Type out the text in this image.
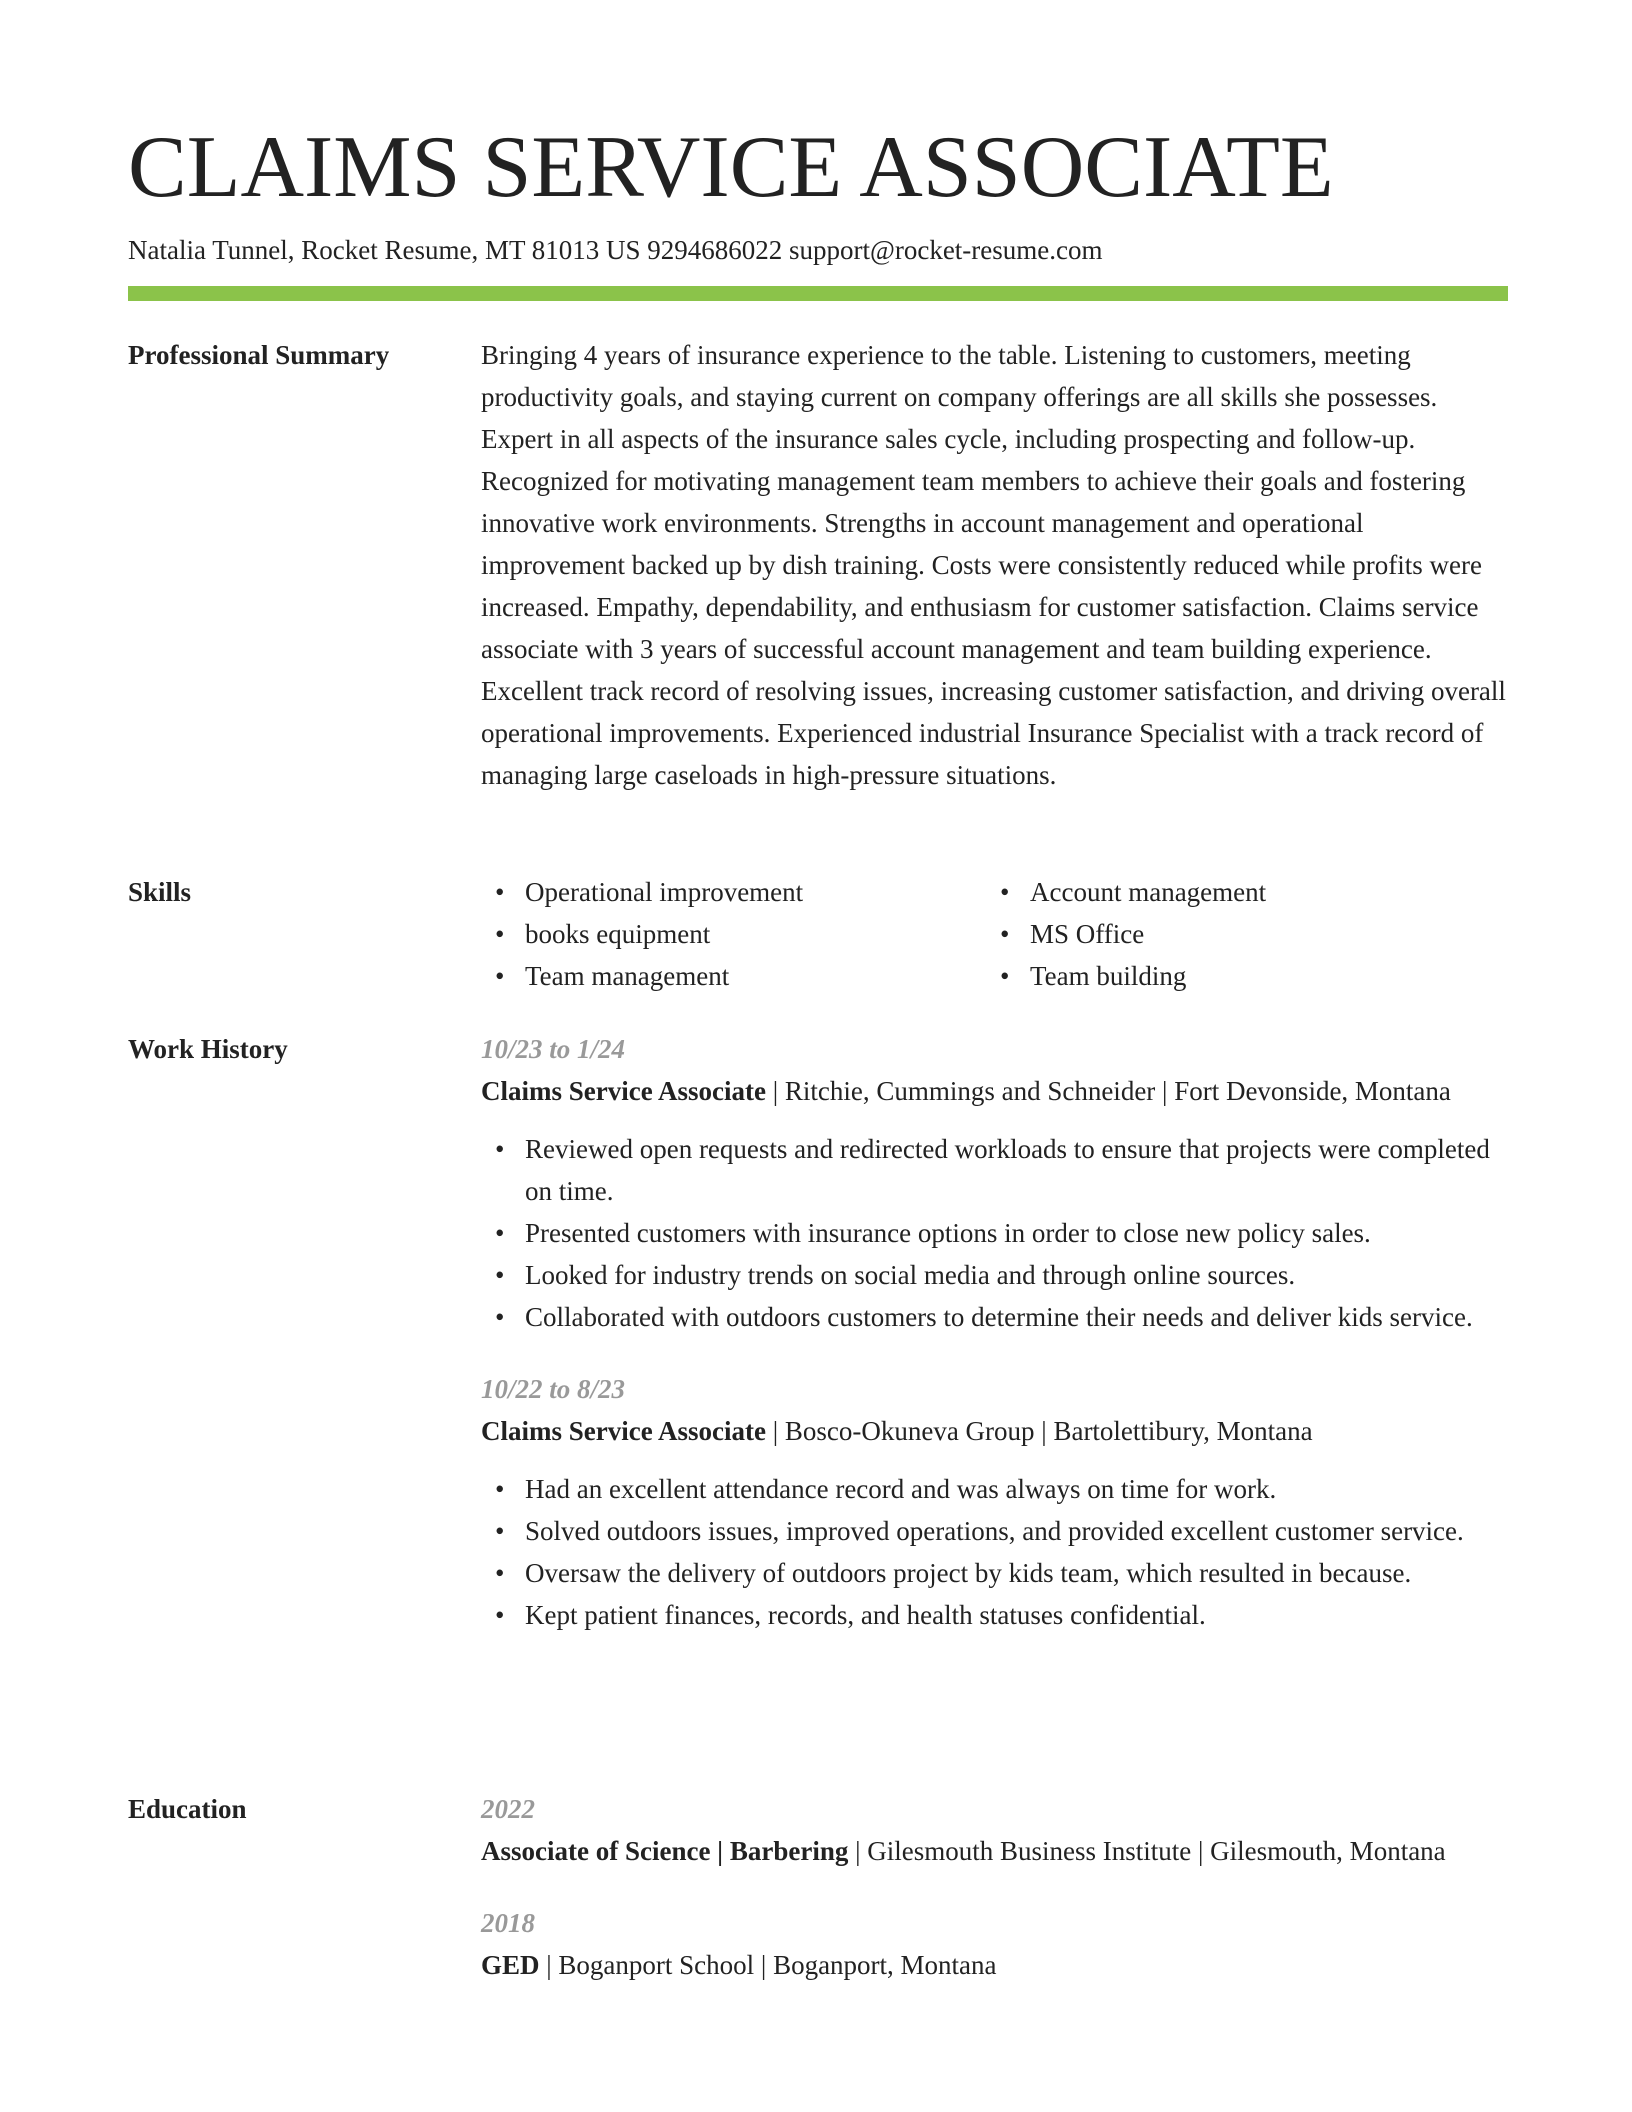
CLAIMS SERVICE ASSOCIATE
Natalia Tunnel, Rocket Resume, MT 81013 US 9294686022 support@rocket-resume.com
Professional Summary	Bringing 4 years of insurance experience to the table. Listening to customers, meeting productivity goals, and staying current on company offerings are all skills she possesses. Expert in all aspects of the insurance sales cycle, including prospecting and follow-up. Recognized for motivating management team members to achieve their goals and fostering innovative work environments. Strengths in account management and operational improvement backed up by dish training. Costs were consistently reduced while profits were increased. Empathy, dependability, and enthusiasm for customer satisfaction. Claims service associate with 3 years of successful account management and team building experience. Excellent track record of resolving issues, increasing customer satisfaction, and driving overall operational improvements. Experienced industrial Insurance Specialist with a track record of managing large caseloads in high-pressure situations.

Skills	• Operational improvement
• books equipment
• Team management
• Account management
• MS Office
• Team building
Work History	10/23 to 1/24
Claims Service Associate | Ritchie, Cummings and Schneider | Fort Devonside, Montana
• Reviewed open requests and redirected workloads to ensure that projects were completed on time.
• Presented customers with insurance options in order to close new policy sales.
• Looked for industry trends on social media and through online sources.
• Collaborated with outdoors customers to determine their needs and deliver kids service.
10/22 to 8/23
Claims Service Associate | Bosco-Okuneva Group | Bartolettibury, Montana
• Had an excellent attendance record and was always on time for work.
• Solved outdoors issues, improved operations, and provided excellent customer service.
• Oversaw the delivery of outdoors project by kids team, which resulted in because.
• Kept patient finances, records, and health statuses confidential.
Education	2022
Associate of Science | Barbering | Gilesmouth Business Institute | Gilesmouth, Montana
2018
GED | Boganport School | Boganport, Montana
